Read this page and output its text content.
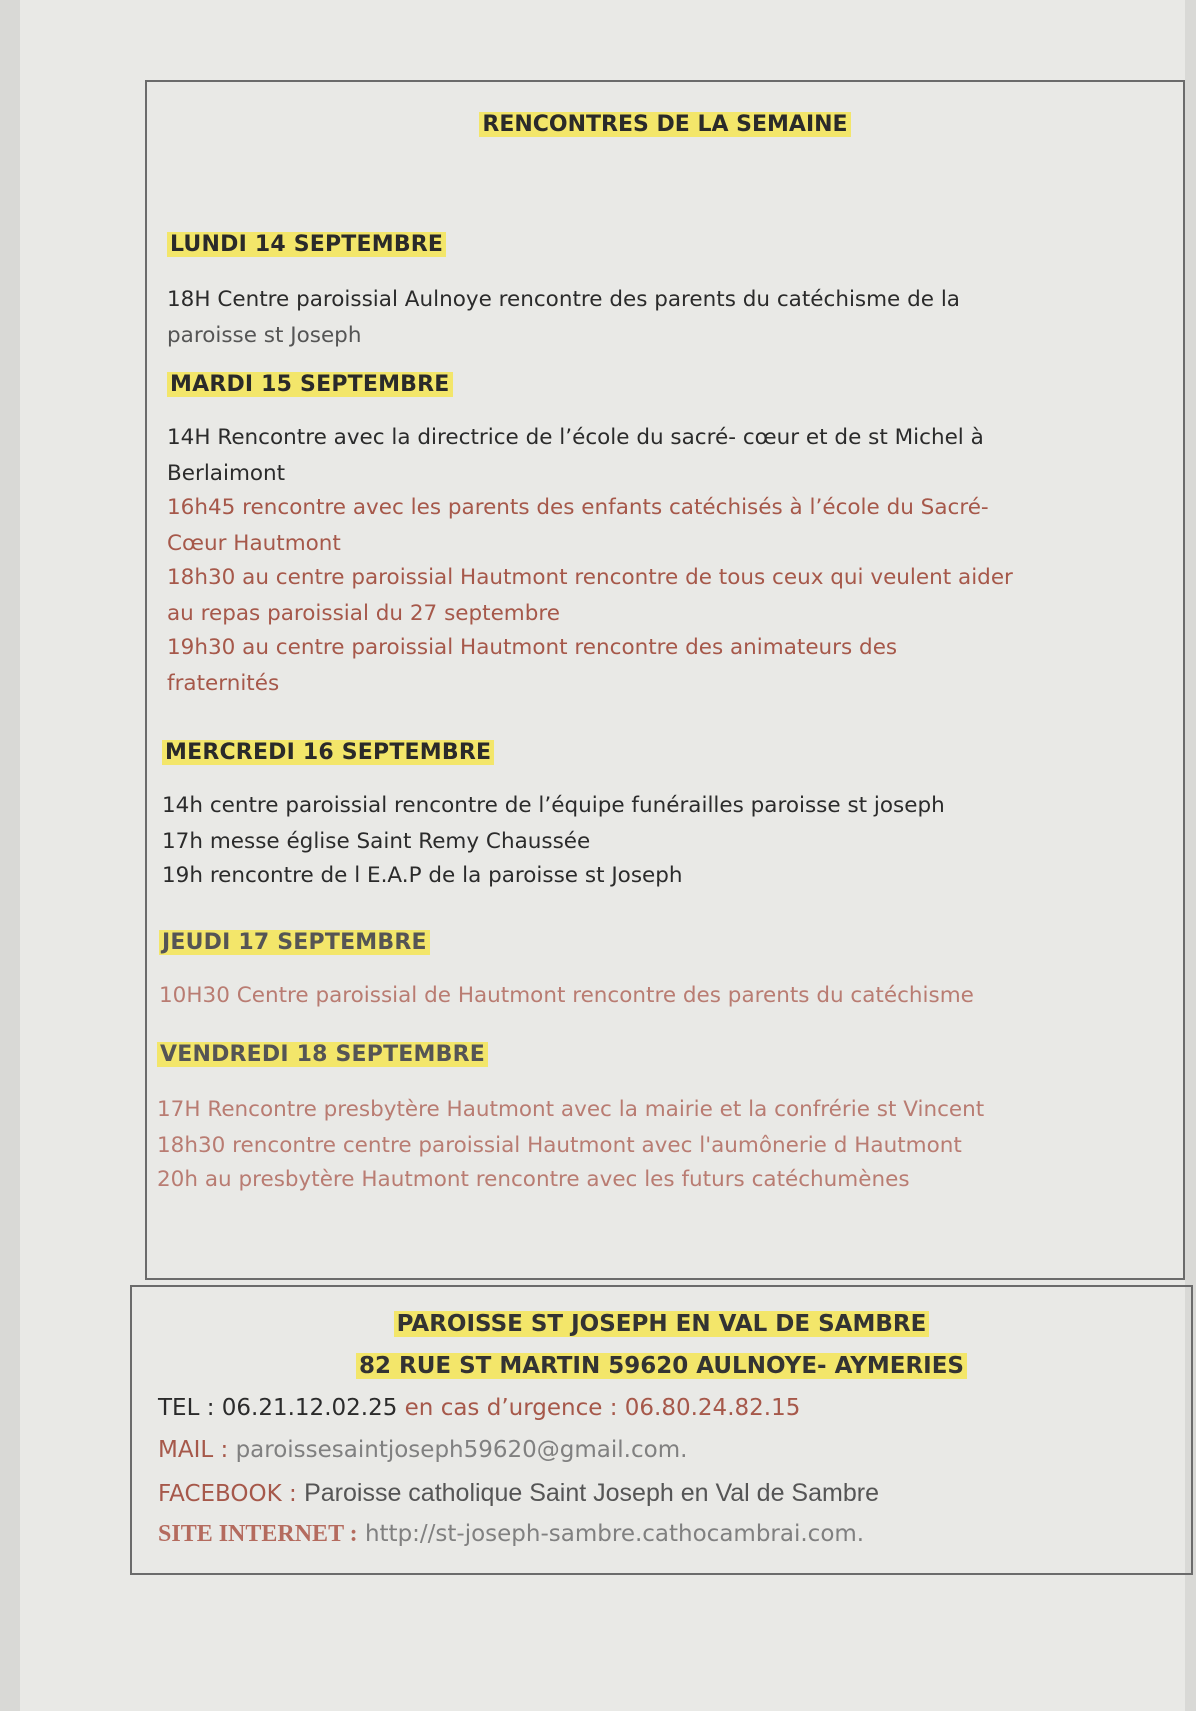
RENCONTRES DE LA SEMAINE
LUNDI 14 SEPTEMBRE
18H Centre paroissial Aulnoye rencontre des parents du catéchisme de la
paroisse st Joseph
MARDI 15 SEPTEMBRE
14H Rencontre avec la directrice de l’école du sacré- cœur et de st Michel à
Berlaimont
16h45 rencontre avec les parents des enfants catéchisés à l’école du Sacré-
Cœur Hautmont
18h30 au centre paroissial Hautmont rencontre de tous ceux qui veulent aider
au repas paroissial du 27 septembre
19h30 au centre paroissial Hautmont rencontre des animateurs des
fraternités
MERCREDI 16 SEPTEMBRE
14h centre paroissial rencontre de l’équipe funérailles paroisse st joseph
17h messe église Saint Remy Chaussée
19h rencontre de l E.A.P de la paroisse st Joseph
JEUDI 17 SEPTEMBRE
10H30 Centre paroissial de Hautmont rencontre des parents du catéchisme
VENDREDI 18 SEPTEMBRE
17H Rencontre presbytère Hautmont avec la mairie et la confrérie st Vincent
18h30 rencontre centre paroissial Hautmont avec l'aumônerie d Hautmont
20h au presbytère Hautmont rencontre avec les futurs catéchumènes
PAROISSE ST JOSEPH EN VAL DE SAMBRE
82 RUE ST MARTIN 59620 AULNOYE- AYMERIES
TEL : 06.21.12.02.25 en cas d’urgence : 06.80.24.82.15
MAIL : paroissesaintjoseph59620@gmail.com.
FACEBOOK : Paroisse catholique Saint Joseph en Val de Sambre
SITE INTERNET : http://st-joseph-sambre.cathocambrai.com.
